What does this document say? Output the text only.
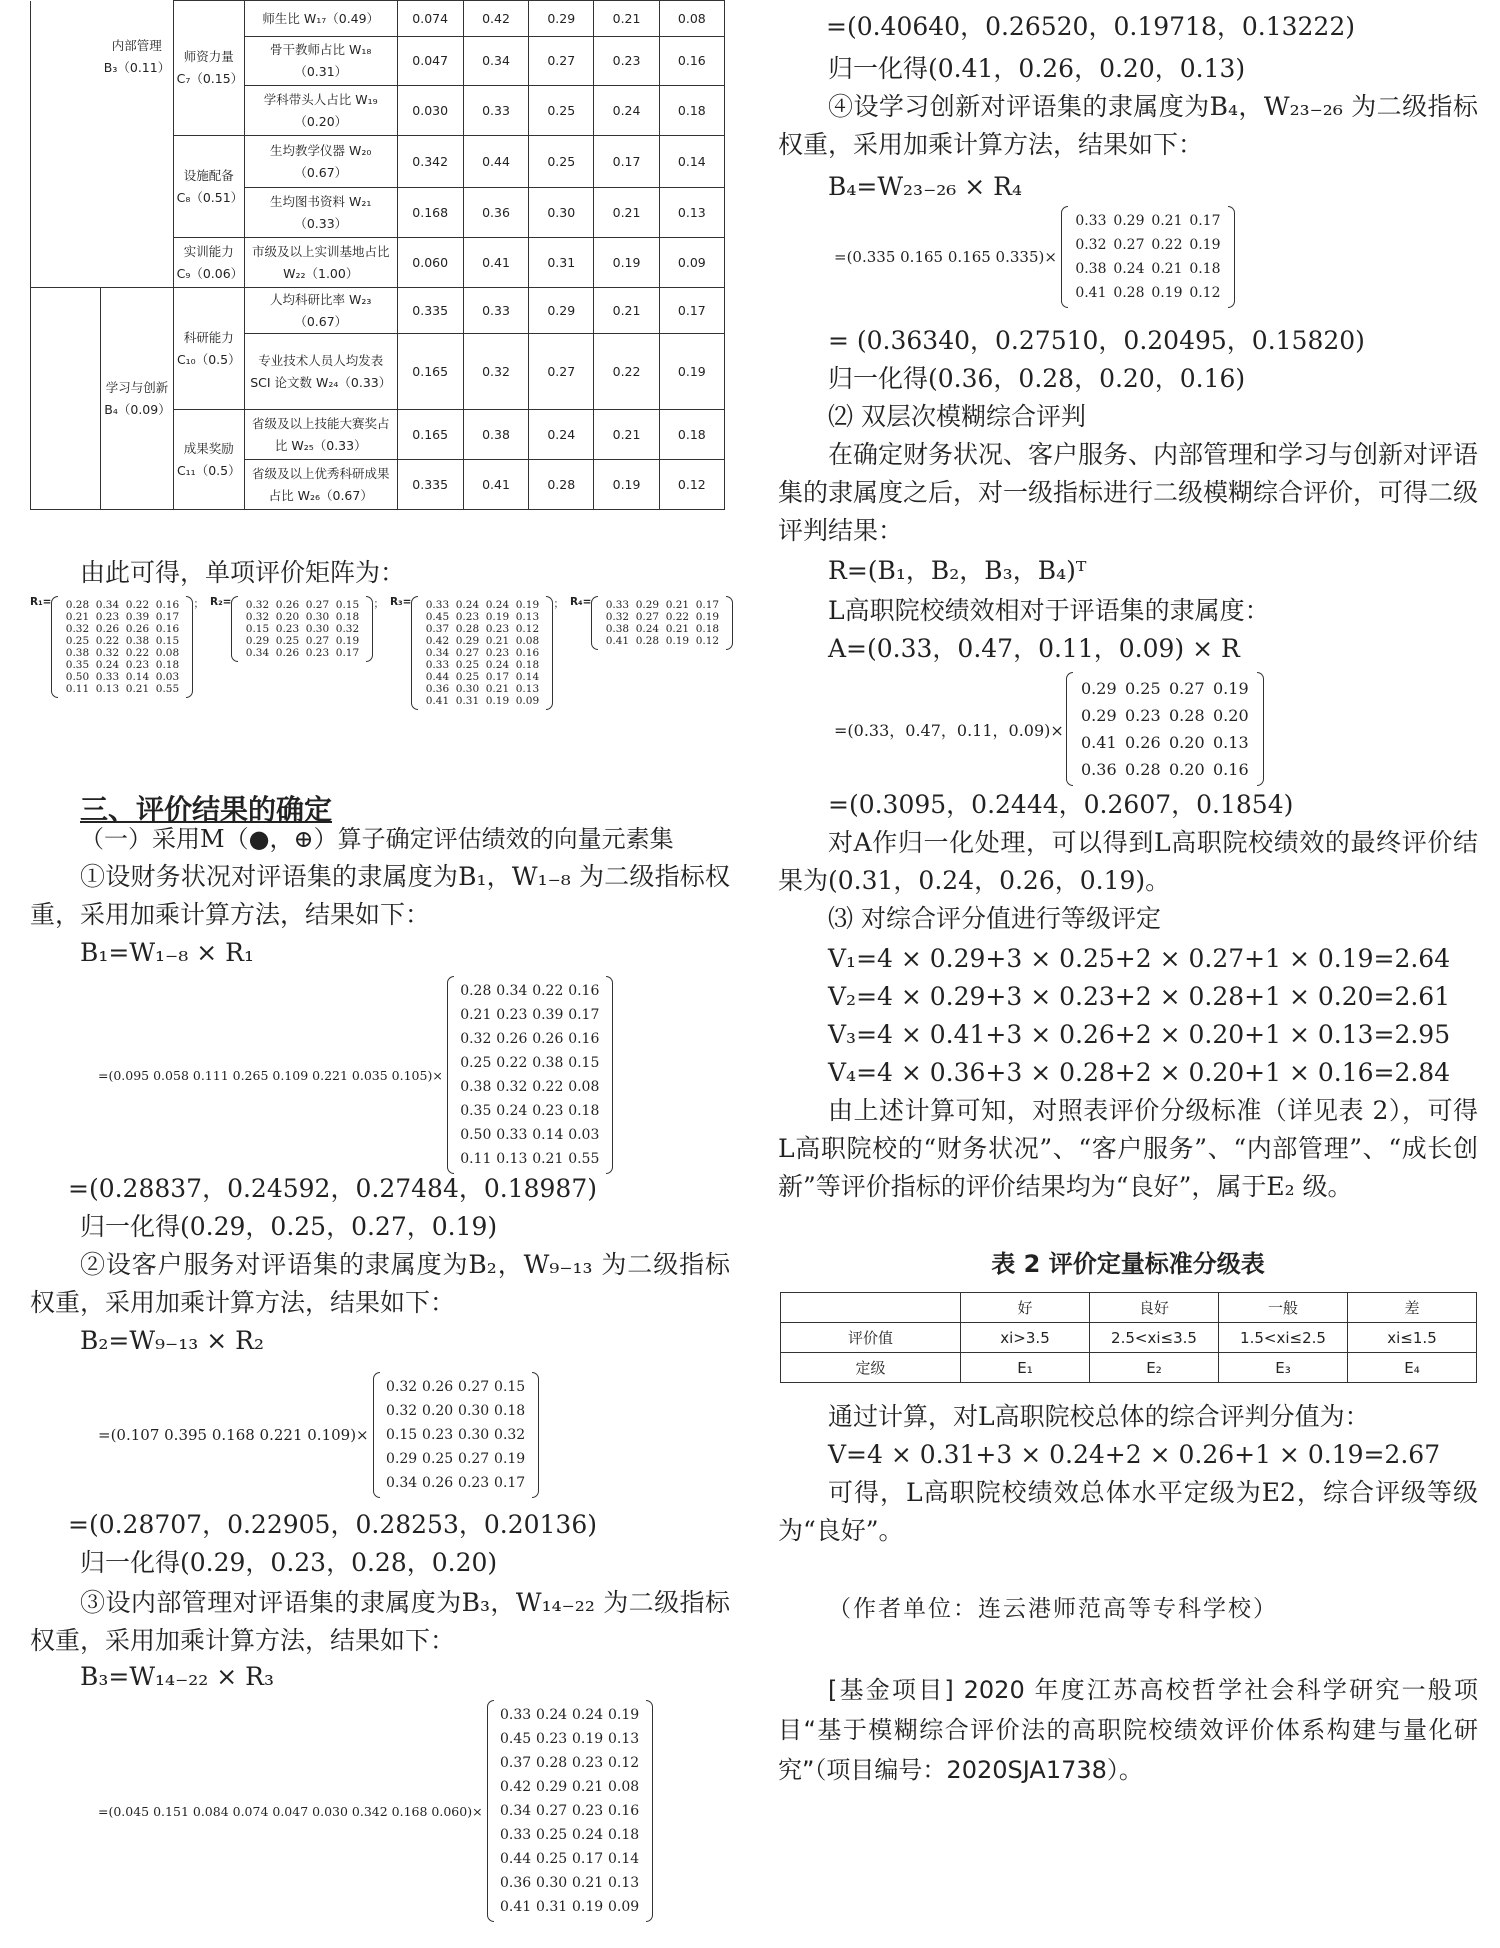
	内部管理 B₃（0.11）	师资力量 C₇（0.15）	师生比 W₁₇（0.49）	0.074	0.42	0.29	0.21	0.08
			骨干教师占比 W₁₈（0.31）	0.047	0.34	0.27	0.23	0.16
			学科带头人占比 W₁₉（0.20）	0.030	0.33	0.25	0.24	0.18
		设施配备 C₈（0.51）	生均教学仪器 W₂₀（0.67）	0.342	0.44	0.25	0.17	0.14
			生均图书资料 W₂₁（0.33）	0.168	0.36	0.30	0.21	0.13
		实训能力 C₉（0.06）	市级及以上实训基地占比 W₂₂（1.00）	0.060	0.41	0.31	0.19	0.09
	学习与创新 B₄（0.09）	科研能力 C₁₀（0.5）	人均科研比率 W₂₃（0.67）	0.335	0.33	0.29	0.21	0.17
			专业技术人员人均发表 SCI 论文数 W₂₄（0.33）	0.165	0.32	0.27	0.22	0.19
		成果奖励 C₁₁（0.5）	省级及以上技能大赛奖占比 W₂₅（0.33）	0.165	0.38	0.24	0.21	0.18
			省级及以上优秀科研成果占比 W₂₆（0.67）	0.335	0.41	0.28	0.19	0.12
由此可得，单项评价矩阵为：
R₁=	0.28 0.34 0.22 0.16
0.21 0.23 0.39 0.17
0.32 0.26 0.26 0.16
0.25 0.22 0.38 0.15
0.38 0.32 0.22 0.08
0.35 0.24 0.23 0.18
0.50 0.33 0.14 0.03
0.11 0.13 0.21 0.55
； R₂=	0.32 0.26 0.27 0.15
0.32 0.20 0.30 0.18
0.15 0.23 0.30 0.32
0.29 0.25 0.27 0.19
0.34 0.26 0.23 0.17
； R₃=	0.33 0.24 0.24 0.19
0.45 0.23 0.19 0.13
0.37 0.28 0.23 0.12
0.42 0.29 0.21 0.08
0.34 0.27 0.23 0.16
0.33 0.25 0.24 0.18
0.44 0.25 0.17 0.14
0.36 0.30 0.21 0.13
0.41 0.31 0.19 0.09
； R₄=	0.33 0.29 0.21 0.17
0.32 0.27 0.22 0.19
0.38 0.24 0.21 0.18
0.41 0.28 0.19 0.12
三、评价结果的确定
（一）采用M（●，⊕）算子确定评估绩效的向量元素集
①设财务状况对评语集的隶属度为B₁，W₁₋₈ 为二级指标权重，采用加乘计算方法，结果如下：
B₁=W₁₋₈ × R₁
=(0.095 0.058 0.111 0.265 0.109 0.221 0.035 0.105)×
0.28 0.34 0.22 0.16
0.21 0.23 0.39 0.17
0.32 0.26 0.26 0.16
0.25 0.22 0.38 0.15
0.38 0.32 0.22 0.08
0.35 0.24 0.23 0.18
0.50 0.33 0.14 0.03
0.11 0.13 0.21 0.55
=(0.28837，0.24592，0.27484，0.18987)
归一化得(0.29，0.25，0.27，0.19)
②设客户服务对评语集的隶属度为B₂，W₉₋₁₃ 为二级指标权重，采用加乘计算方法，结果如下：
B₂=W₉₋₁₃ × R₂
=(0.107 0.395 0.168 0.221 0.109)×
0.32 0.26 0.27 0.15
0.32 0.20 0.30 0.18
0.15 0.23 0.30 0.32
0.29 0.25 0.27 0.19
0.34 0.26 0.23 0.17
=(0.28707，0.22905，0.28253，0.20136)
归一化得(0.29，0.23，0.28，0.20)
③设内部管理对评语集的隶属度为B₃，W₁₄₋₂₂ 为二级指标权重，采用加乘计算方法，结果如下：
B₃=W₁₄₋₂₂ × R₃
=(0.045 0.151 0.084 0.074 0.047 0.030 0.342 0.168 0.060)×
0.33 0.24 0.24 0.19
0.45 0.23 0.19 0.13
0.37 0.28 0.23 0.12
0.42 0.29 0.21 0.08
0.34 0.27 0.23 0.16
0.33 0.25 0.24 0.18
0.44 0.25 0.17 0.14
0.36 0.30 0.21 0.13
0.41 0.31 0.19 0.09
=(0.40640，0.26520，0.19718，0.13222)
归一化得(0.41，0.26，0.20，0.13)
④设学习创新对评语集的隶属度为B₄，W₂₃₋₂₆ 为二级指标权重，采用加乘计算方法，结果如下：
B₄=W₂₃₋₂₆ × R₄
=(0.335 0.165 0.165 0.335)×
0.33 0.29 0.21 0.17
0.32 0.27 0.22 0.19
0.38 0.24 0.21 0.18
0.41 0.28 0.19 0.12
= (0.36340，0.27510，0.20495，0.15820)
归一化得(0.36，0.28，0.20，0.16)
⑵ 双层次模糊综合评判
在确定财务状况、客户服务、内部管理和学习与创新对评语集的隶属度之后，对一级指标进行二级模糊综合评价，可得二级评判结果：
R=(B₁，B₂，B₃，B₄)ᵀ
L高职院校绩效相对于评语集的隶属度：
A=(0.33，0.47，0.11，0.09) × R
=(0.33，0.47，0.11，0.09)×
0.29 0.25 0.27 0.19
0.29 0.23 0.28 0.20
0.41 0.26 0.20 0.13
0.36 0.28 0.20 0.16
=(0.3095，0.2444，0.2607，0.1854)
对A作归一化处理，可以得到L高职院校绩效的最终评价结果为(0.31，0.24，0.26，0.19)。
⑶ 对综合评分值进行等级评定
V₁=4 × 0.29+3 × 0.25+2 × 0.27+1 × 0.19=2.64
V₂=4 × 0.29+3 × 0.23+2 × 0.28+1 × 0.20=2.61
V₃=4 × 0.41+3 × 0.26+2 × 0.20+1 × 0.13=2.95
V₄=4 × 0.36+3 × 0.28+2 × 0.20+1 × 0.16=2.84
由上述计算可知，对照表评价分级标准（详见表 2），可得L高职院校的“财务状况”、“客户服务”、“内部管理”、“成长创新”等评价指标的评价结果均为“良好”，属于E₂ 级。
表 2 评价定量标准分级表
	好	良好	一般	差
评价值	xi>3.5	2.5<xi≤3.5	1.5<xi≤2.5	xi≤1.5
定级	E₁	E₂	E₃	E₄
通过计算，对L高职院校总体的综合评判分值为：
V=4 × 0.31+3 × 0.24+2 × 0.26+1 × 0.19=2.67
可得，L高职院校绩效总体水平定级为E2，综合评级等级为“良好”。
（作者单位：连云港师范高等专科学校）
[基金项目] 2020 年度江苏高校哲学社会科学研究一般项目“基于模糊综合评价法的高职院校绩效评价体系构建与量化研究”（项目编号：2020SJA1738）。
